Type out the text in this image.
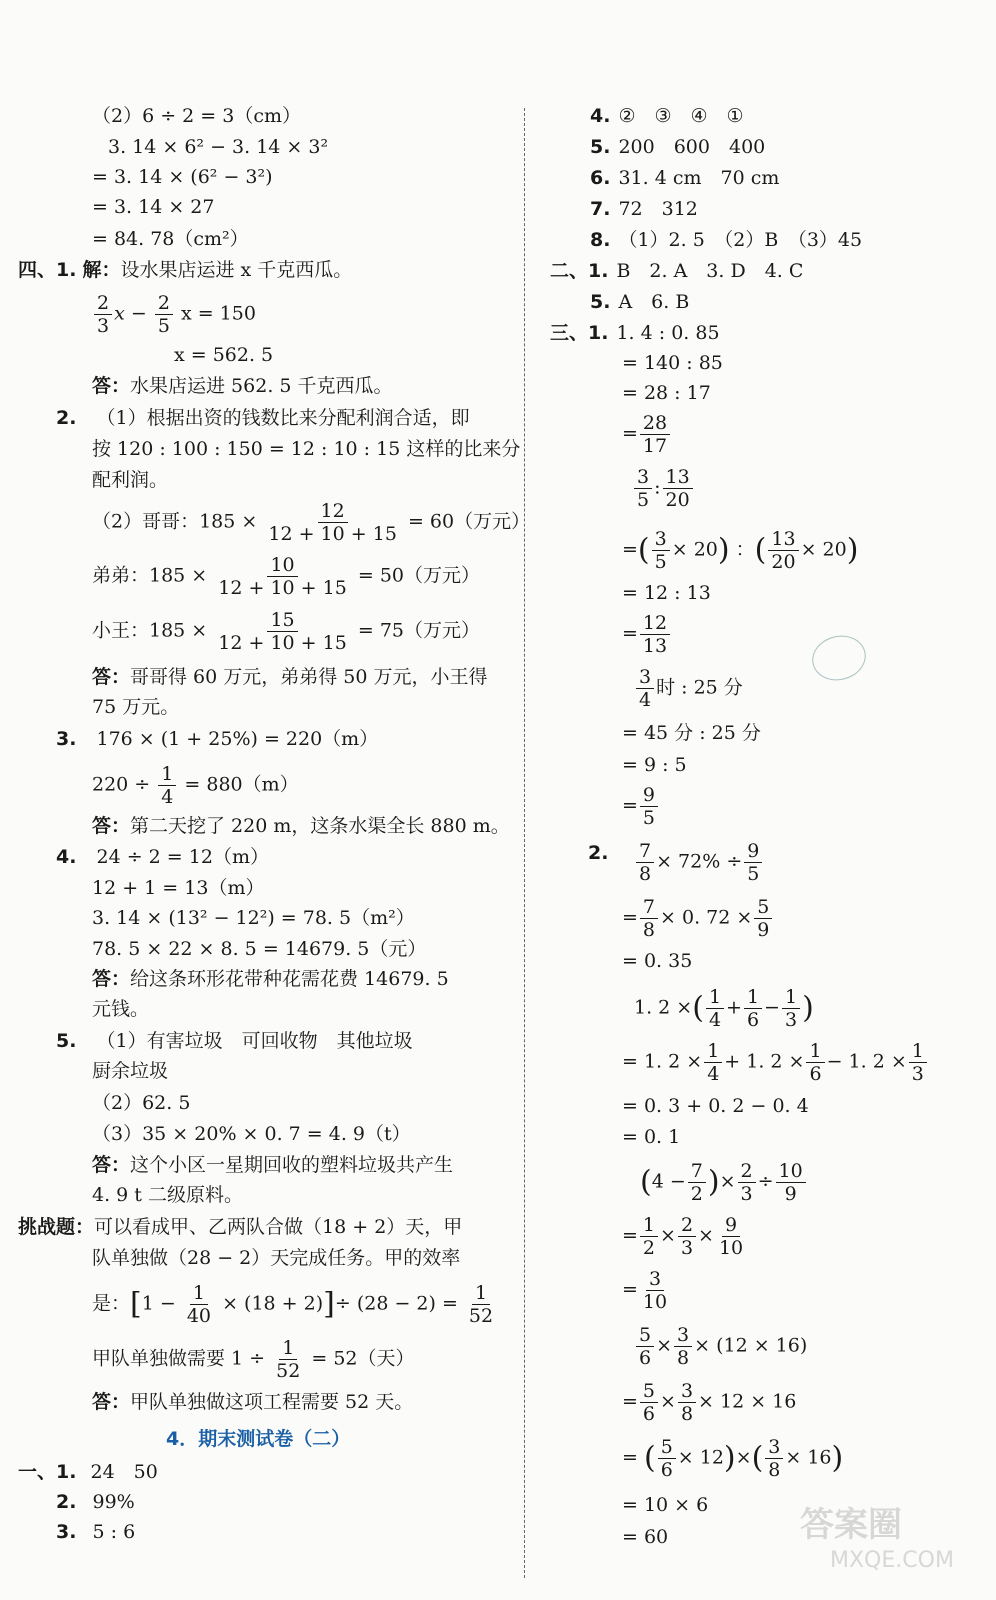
（2）6 ÷ 2 = 3（cm）
3. 14 × 6² − 3. 14 × 3²
= 3. 14 × (6² − 3²)
= 3. 14 × 27
= 84. 78（cm²）
四、1. 解：设水果店运进 x 千克西瓜。
$\frac{2}{3}$ $x - \frac{2}{5}$ x = 150
x = 562. 5
答：水果店运进 562. 5 千克西瓜。
2. （1）根据出资的钱数比来分配利润合适，即
按 120 : 100 : 150 = 12 : 10 : 15 这样的比来分
配利润。
（2）哥哥：$185 \times \frac{12}{12 + 10 + 15} = 60$（万元）
弟弟：$185 \times \frac{10}{12 + 10 + 15} = 50$（万元）
小王：$185 \times \frac{15}{12 + 10 + 15} = 75$（万元）
答：哥哥得 60 万元，弟弟得 50 万元，小王得
75 万元。
3. 176 × (1 + 25%) = 220（m）
$220 \div \frac{1}{4} = 880(m)$
答：第二天挖了 220 m，这条水渠全长 880 m。
4. 24 ÷ 2 = 12（m）
12 + 1 = 13（m）
3. 14 × (13² − 12²) = 78. 5（m²）
78. 5 × 22 × 8. 5 = 14679. 5（元）
答：给这条环形花带种花需花费 14679. 5
元钱。
5. （1）有害垃圾　可回收物　其他垃圾
厨余垃圾
（2）62. 5
（3）35 × 20% × 0. 7 = 4. 9（t）
答：这个小区一星期回收的塑料垃圾共产生
4. 9 t 二级原料。
挑战题：可以看成甲、乙两队合做（18 + 2）天，甲
队单独做（28 − 2）天完成任务。甲的效率
是：$[1 - \frac{1}{40} \times (18 + 2)]\div (28 - 2) = \frac{1}{52}$
甲队单独做需要 $1 \div \frac{1}{52} = 52$（天）
答：甲队单独做这项工程需要 52 天。
4．期末测试卷（二）
一、1. 24　50
2. 99%
3. 5 : 6
4. ②　③　④　①
5. 200　600　400
6. 31. 4 cm　70 cm
7. 72　312
8. （1）2. 5　（2）B　（3）45
二、1. B　2. A　3. D　4. C
5. A　6. B
三、1. 1. 4 : 0. 85
= 140 : 85
= 28 : 17
= $\frac{28}{17}$
$\frac{3}{5}$ : $\frac{13}{20}$
=( $\frac{3}{5} \times 20$) ：( $\frac{13}{20} \times 20$)
= 12 : 13
= $\frac{12}{13}$
$\frac{3}{4}$ 时 : 25 分
= 45 分 : 25 分
= 9 : 5
= $\frac{9}{5}$
2. $\frac{7}{8} \times 72\% \div \frac{9}{5}$
= $\frac{7}{8} \times 0$. $72 \times \frac{5}{9}$
= 0. 35
1. 2 ×( $\frac{1}{4} + \frac{1}{6} - \frac{1}{3}$ )
= 1. $2 \times \frac{1}{4} + 1$. $2 \times \frac{1}{6} - 1$. $2 \times \frac{1}{3}$
= 0. 3 + 0. 2 − 0. 4
= 0. 1
($4 - \frac{7}{2}$ )× $\frac{2}{3} \div \frac{10}{9}$
= $\frac{1}{2} \times \frac{2}{3} \times \frac{9}{10}$
= $\frac{3}{10}$
$\frac{5}{6} \times \frac{3}{8} \times (12 \times 16)$
= $\frac{5}{6} \times \frac{3}{8} \times 12 \times 16$
= ( $\frac{5}{6} \times 12)\times( \frac{3}{8} \times 16)$
= 10 × 6
= 60	答案圈
MXQE.COM
